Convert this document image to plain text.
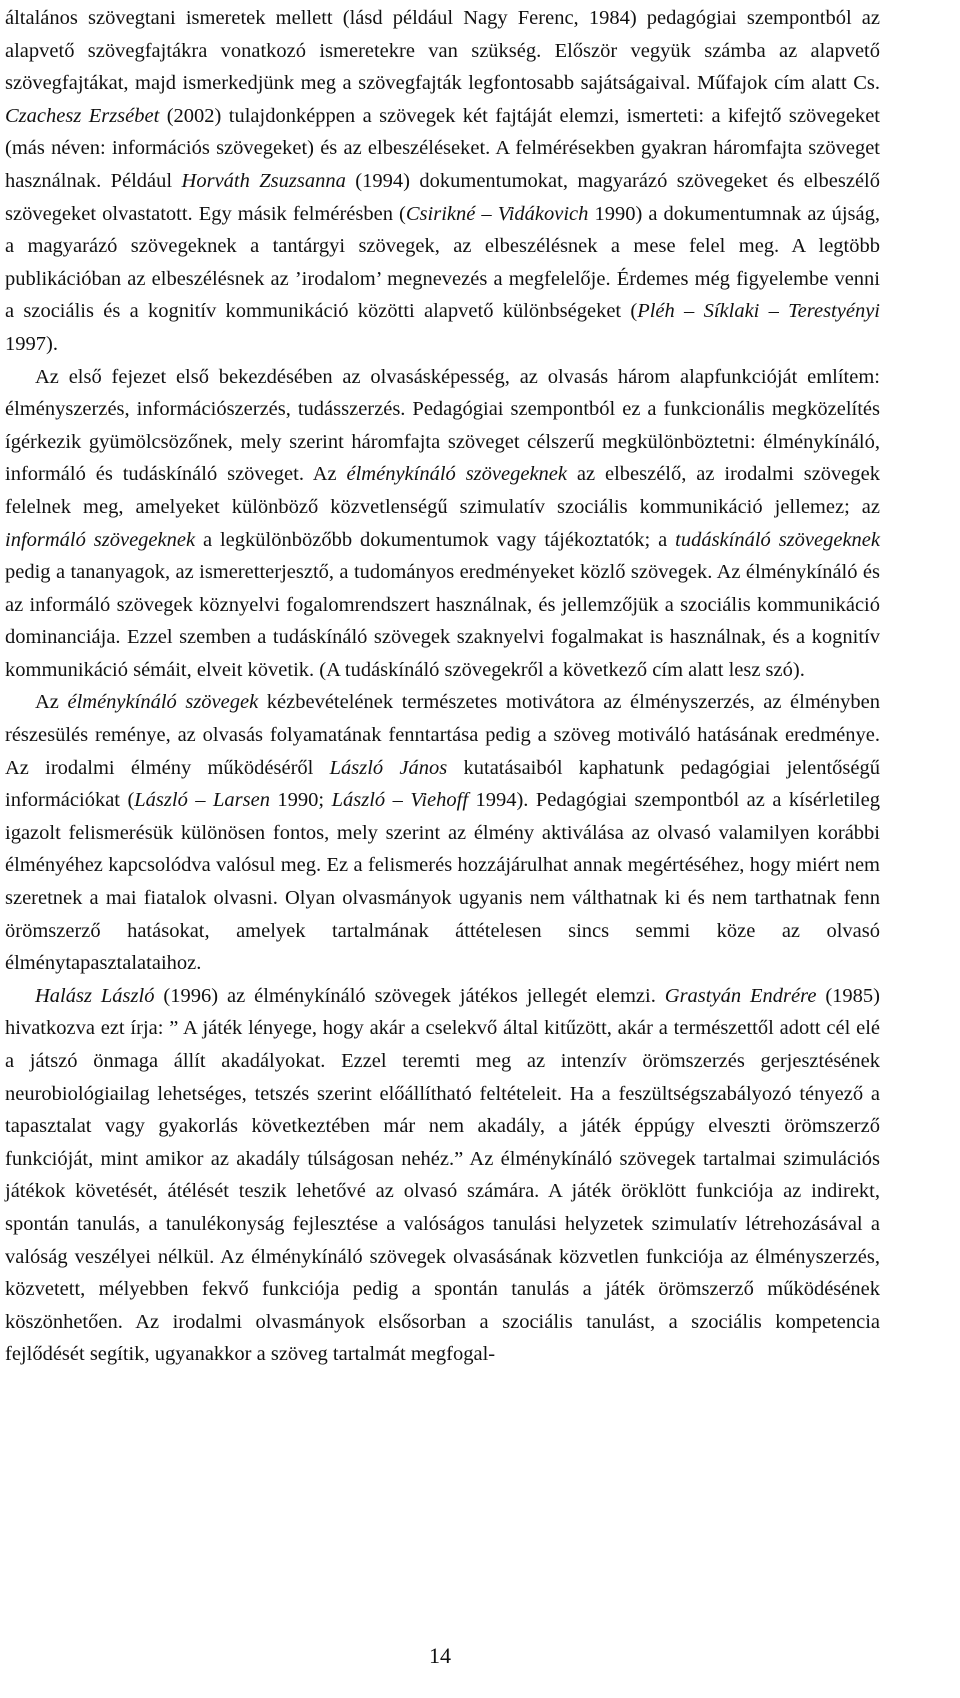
általános szövegtani ismeretek mellett (lásd például Nagy Ferenc, 1984) pedagógiai szempontból az alapvető szövegfajtákra vonatkozó ismeretekre van szükség. Először vegyük számba az alapvető szövegfajtákat, majd ismerkedjünk meg a szövegfajták legfontosabb sajátságaival. Műfajok cím alatt Cs. Czachesz Erzsébet (2002) tulajdonképpen a szövegek két fajtáját elemzi, ismerteti: a kifejtő szövegeket (más néven: információs szövegeket) és az elbeszéléseket. A felmérésekben gyakran háromfajta szöveget használnak. Például Horváth Zsuzsanna (1994) dokumentumokat, magyarázó szövegeket és elbeszélő szövegeket olvastatott. Egy másik felmérésben (Csirikné – Vidákovich 1990) a dokumentumnak az újság, a magyarázó szövegeknek a tantárgyi szövegek, az elbeszélésnek a mese felel meg. A legtöbb publikációban az elbeszélésnek az ’irodalom’ megnevezés a megfelelője. Érdemes még figyelembe venni a szociális és a kognitív kommunikáció közötti alapvető különbségeket (Pléh – Síklaki – Terestyényi 1997).

Az első fejezet első bekezdésében az olvasásképesség, az olvasás három alapfunkcióját említem: élményszerzés, információszerzés, tudásszerzés. Pedagógiai szempontból ez a funkcionális megközelítés ígérkezik gyümölcsözőnek, mely szerint háromfajta szöveget célszerű megkülönböztetni: élménykínáló, informáló és tudáskínáló szöveget. Az élménykínáló szövegeknek az elbeszélő, az irodalmi szövegek felelnek meg, amelyeket különböző közvetlenségű szimulatív szociális kommunikáció jellemez; az informáló szövegeknek a legkülönbözőbb dokumentumok vagy tájékoztatók; a tudáskínáló szövegeknek pedig a tananyagok, az ismeretterjesztő, a tudományos eredményeket közlő szövegek. Az élménykínáló és az informáló szövegek köznyelvi fogalomrendszert használnak, és jellemzőjük a szociális kommunikáció dominanciája. Ezzel szemben a tudáskínáló szövegek szaknyelvi fogalmakat is használnak, és a kognitív kommunikáció sémáit, elveit követik. (A tudáskínáló szövegekről a következő cím alatt lesz szó).

Az élménykínáló szövegek kézbevételének természetes motivátora az élményszerzés, az élményben részesülés reménye, az olvasás folyamatának fenntartása pedig a szöveg motiváló hatásának eredménye. Az irodalmi élmény működéséről László János kutatásaiból kaphatunk pedagógiai jelentőségű információkat (László – Larsen 1990; László – Viehoff 1994). Pedagógiai szempontból az a kísérletileg igazolt felismerésük különösen fontos, mely szerint az élmény aktiválása az olvasó valamilyen korábbi élményéhez kapcsolódva valósul meg. Ez a felismerés hozzájárulhat annak megértéséhez, hogy miért nem szeretnek a mai fiatalok olvasni. Olyan olvasmányok ugyanis nem válthatnak ki és nem tarthatnak fenn örömszerző hatásokat, amelyek tartalmának áttételesen sincs semmi köze az olvasó élménytapasztalataihoz.

Halász László (1996) az élménykínáló szövegek játékos jellegét elemzi. Grastyán Endrére (1985) hivatkozva ezt írja: ” A játék lényege, hogy akár a cselekvő által kitűzött, akár a természettől adott cél elé a játszó önmaga állít akadályokat. Ezzel teremti meg az intenzív örömszerzés gerjesztésének neurobiológiailag lehetséges, tetszés szerint előállítható feltételeit. Ha a feszültségszabályozó tényező a tapasztalat vagy gyakorlás következtében már nem akadály, a játék éppúgy elveszti örömszerző funkcióját, mint amikor az akadály túlságosan nehéz.” Az élménykínáló szövegek tartalmai szimulációs játékok követését, átélését teszik lehetővé az olvasó számára. A játék öröklött funkciója az indirekt, spontán tanulás, a tanulékonyság fejlesztése a valóságos tanulási helyzetek szimulatív létrehozásával a valóság veszélyei nélkül. Az élménykínáló szövegek olvasásának közvetlen funkciója az élményszerzés, közvetett, mélyebben fekvő funkciója pedig a spontán tanulás a játék örömszerző működésének köszönhetően. Az irodalmi olvasmányok elsősorban a szociális tanulást, a szociális kompetencia fejlődését segítik, ugyanakkor a szöveg tartalmát megfogal-

14
